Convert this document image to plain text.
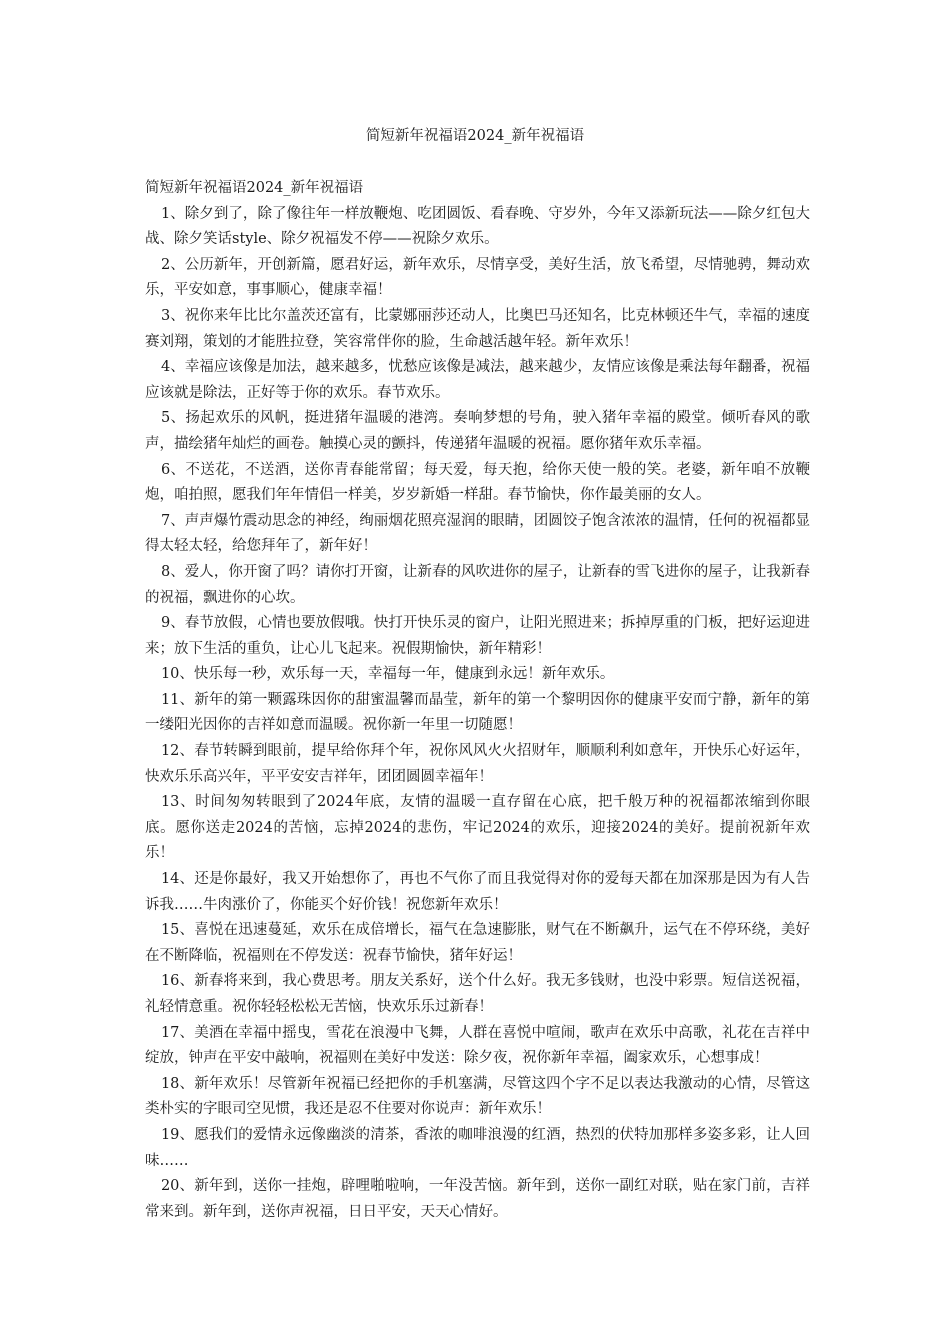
简短新年祝福语2024_新年祝福语

简短新年祝福语2024_新年祝福语

1、除夕到了，除了像往年一样放鞭炮、吃团圆饭、看春晚、守岁外，今年又添新玩法——除夕红包大战、除夕笑话style、除夕祝福发不停——祝除夕欢乐。
2、公历新年，开创新篇，愿君好运，新年欢乐，尽情享受，美好生活，放飞希望，尽情驰骋，舞动欢乐，平安如意，事事顺心，健康幸福！
3、祝你来年比比尔盖茨还富有，比蒙娜丽莎还动人，比奥巴马还知名，比克林顿还牛气，幸福的速度赛刘翔，策划的才能胜拉登，笑容常伴你的脸，生命越活越年轻。新年欢乐！
4、幸福应该像是加法，越来越多，忧愁应该像是减法，越来越少，友情应该像是乘法每年翻番，祝福应该就是除法，正好等于你的欢乐。春节欢乐。
5、扬起欢乐的风帆，挺进猪年温暖的港湾。奏响梦想的号角，驶入猪年幸福的殿堂。倾听春风的歌声，描绘猪年灿烂的画卷。触摸心灵的颤抖，传递猪年温暖的祝福。愿你猪年欢乐幸福。
6、不送花，不送酒，送你青春能常留；每天爱，每天抱，给你天使一般的笑。老婆，新年咱不放鞭炮，咱拍照，愿我们年年情侣一样美，岁岁新婚一样甜。春节愉快，你作最美丽的女人。
7、声声爆竹震动思念的神经，绚丽烟花照亮湿润的眼睛，团圆饺子饱含浓浓的温情，任何的祝福都显得太轻太轻，给您拜年了，新年好！
8、爱人，你开窗了吗？请你打开窗，让新春的风吹进你的屋子，让新春的雪飞进你的屋子，让我新春的祝福，飘进你的心坎。
9、春节放假，心情也要放假哦。快打开快乐灵的窗户，让阳光照进来；拆掉厚重的门板，把好运迎进来；放下生活的重负，让心儿飞起来。祝假期愉快，新年精彩！
10、快乐每一秒，欢乐每一天，幸福每一年，健康到永远！新年欢乐。
11、新年的第一颗露珠因你的甜蜜温馨而晶莹，新年的第一个黎明因你的健康平安而宁静，新年的第一缕阳光因你的吉祥如意而温暖。祝你新一年里一切随愿！
12、春节转瞬到眼前，提早给你拜个年，祝你风风火火招财年，顺顺利利如意年，开快乐心好运年，快欢乐乐高兴年，平平安安吉祥年，团团圆圆幸福年！
13、时间匆匆转眼到了2024年底，友情的温暖一直存留在心底，把千般万种的祝福都浓缩到你眼底。愿你送走2024的苦恼，忘掉2024的悲伤，牢记2024的欢乐，迎接2024的美好。提前祝新年欢乐！
14、还是你最好，我又开始想你了，再也不气你了而且我觉得对你的爱每天都在加深那是因为有人告诉我……牛肉涨价了，你能买个好价钱！祝您新年欢乐！
15、喜悦在迅速蔓延，欢乐在成倍增长，福气在急速膨胀，财气在不断飙升，运气在不停环绕，美好在不断降临，祝福则在不停发送：祝春节愉快，猪年好运！
16、新春将来到，我心费思考。朋友关系好，送个什么好。我无多钱财，也没中彩票。短信送祝福，礼轻情意重。祝你轻轻松松无苦恼，快欢乐乐过新春！
17、美酒在幸福中摇曳，雪花在浪漫中飞舞，人群在喜悦中喧闹，歌声在欢乐中高歌，礼花在吉祥中绽放，钟声在平安中敲响，祝福则在美好中发送：除夕夜，祝你新年幸福，阖家欢乐，心想事成！
18、新年欢乐！尽管新年祝福已经把你的手机塞满，尽管这四个字不足以表达我激动的心情，尽管这类朴实的字眼司空见惯，我还是忍不住要对你说声：新年欢乐！
19、愿我们的爱情永远像幽淡的清茶，香浓的咖啡浪漫的红酒，热烈的伏特加那样多姿多彩，让人回味……
20、新年到，送你一挂炮，辟哩啪啦响，一年没苦恼。新年到，送你一副红对联，贴在家门前，吉祥常来到。新年到，送你声祝福，日日平安，天天心情好。
